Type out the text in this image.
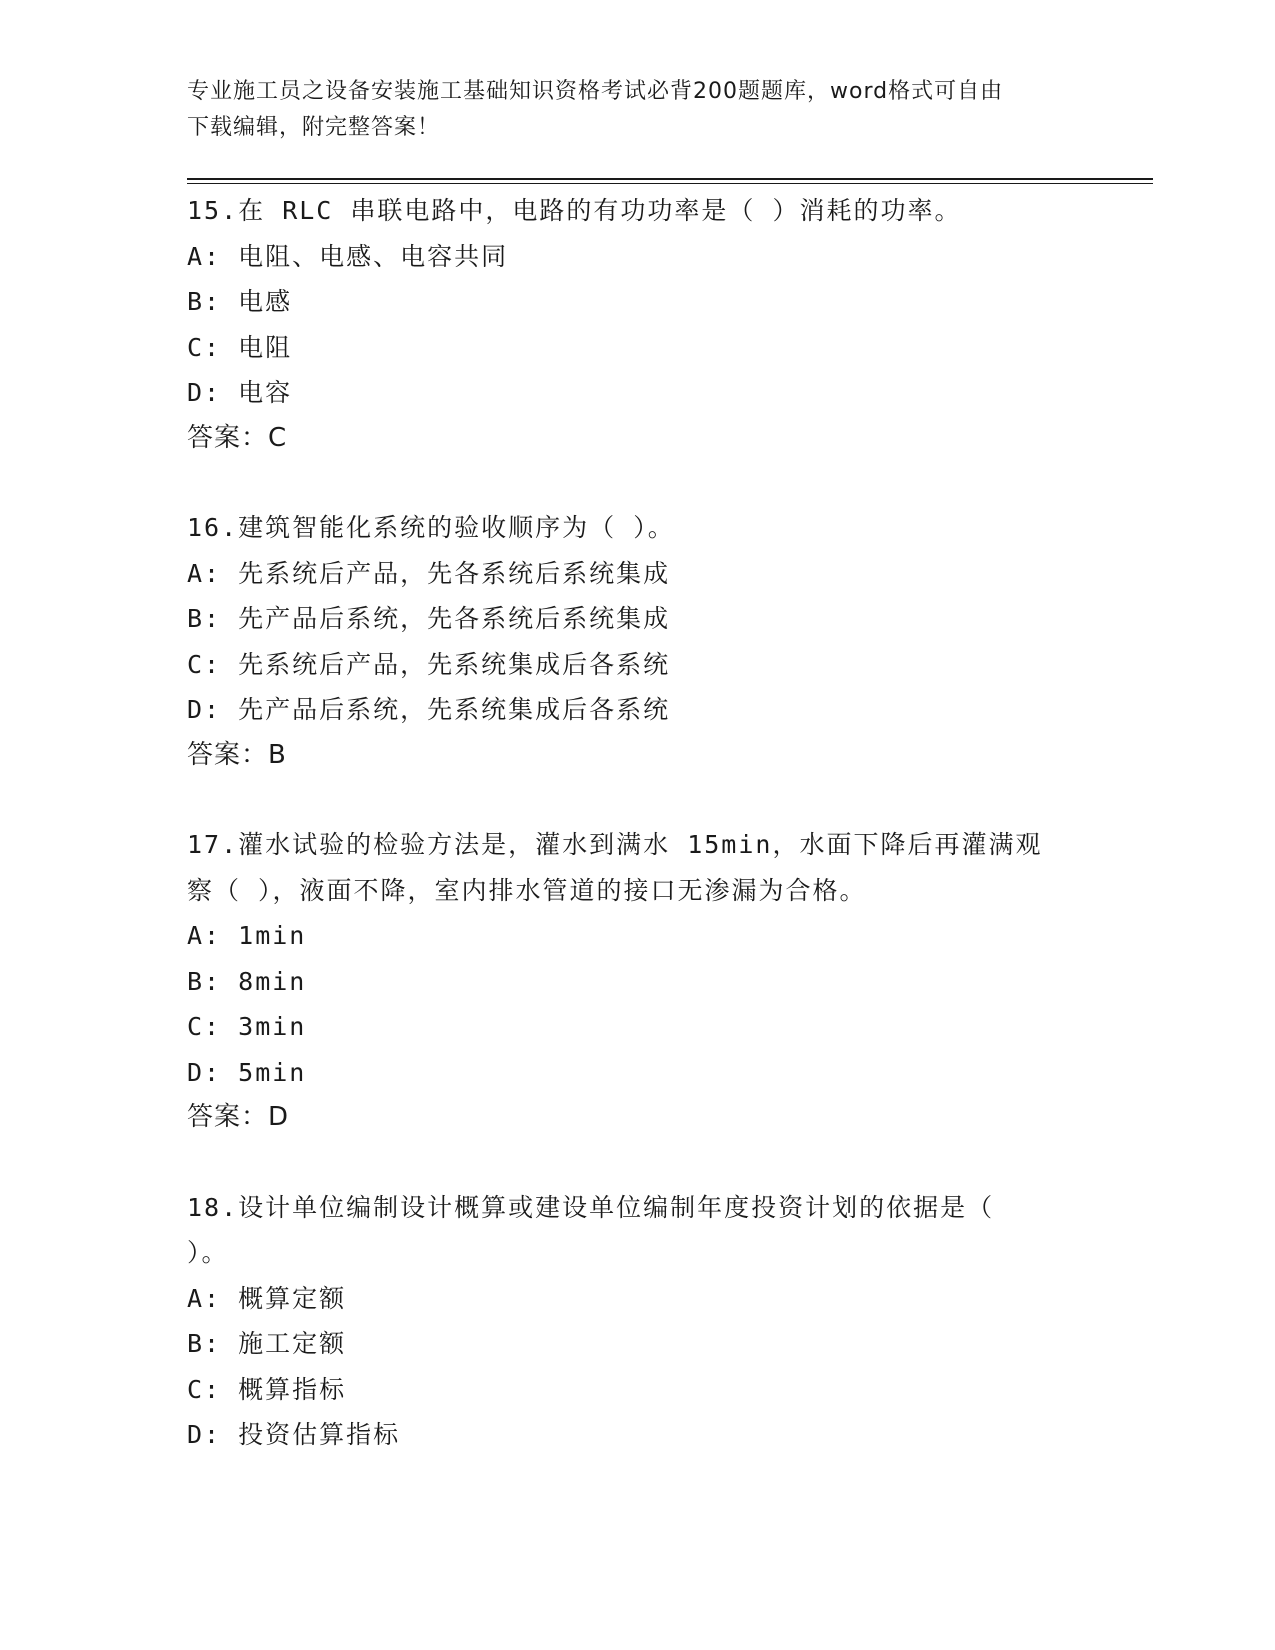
专业施工员之设备安装施工基础知识资格考试必背200题题库，word格式可自由
下载编辑，附完整答案！
15.在 RLC 串联电路中，电路的有功功率是（ ）消耗的功率。
A: 电阻、电感、电容共同
B: 电感
C: 电阻
D: 电容
答案：C
16.建筑智能化系统的验收顺序为（ ）。
A: 先系统后产品，先各系统后系统集成
B: 先产品后系统，先各系统后系统集成
C: 先系统后产品，先系统集成后各系统
D: 先产品后系统，先系统集成后各系统
答案：B
17.灌水试验的检验方法是，灌水到满水 15min，水面下降后再灌满观
察（ ），液面不降，室内排水管道的接口无渗漏为合格。
A: 1min
B: 8min
C: 3min
D: 5min
答案：D
18.设计单位编制设计概算或建设单位编制年度投资计划的依据是（
）。
A: 概算定额
B: 施工定额
C: 概算指标
D: 投资估算指标
